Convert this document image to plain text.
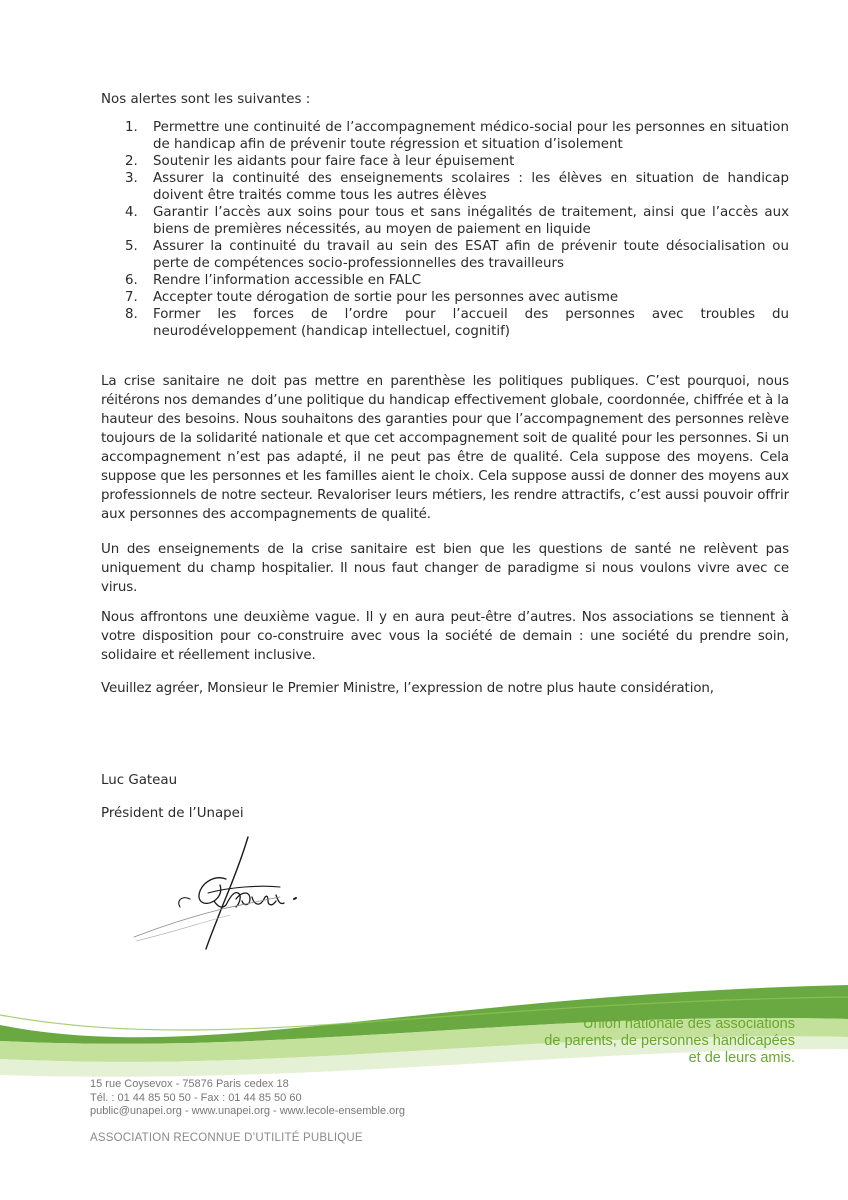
Nos alertes sont les suivantes :
1.	Permettre une continuité de l’accompagnement médico-social pour les personnes en situation de handicap afin de prévenir toute régression et situation d’isolement
2.	Soutenir les aidants pour faire face à leur épuisement
3.	Assurer la continuité des enseignements scolaires : les élèves en situation de handicap doivent être traités comme tous les autres élèves
4.	Garantir l’accès aux soins pour tous et sans inégalités de traitement, ainsi que l’accès aux biens de premières nécessités, au moyen de paiement en liquide
5.	Assurer la continuité du travail au sein des ESAT afin de prévenir toute désocialisation ou perte de compétences socio-professionnelles des travailleurs
6.	Rendre l’information accessible en FALC
7.	Accepter toute dérogation de sortie pour les personnes avec autisme
8.	Former les forces de l’ordre pour l’accueil des personnes avec troubles du neurodéveloppement (handicap intellectuel, cognitif)
La crise sanitaire ne doit pas mettre en parenthèse les politiques publiques. C’est pourquoi, nous réitérons nos demandes d’une politique du handicap effectivement globale, coordonnée, chiffrée et à la hauteur des besoins. Nous souhaitons des garanties pour que l’accompagnement des personnes relève toujours de la solidarité nationale et que cet accompagnement soit de qualité pour les personnes. Si un accompagnement n’est pas adapté, il ne peut pas être de qualité. Cela suppose des moyens. Cela suppose que les personnes et les familles aient le choix. Cela suppose aussi de donner des moyens aux professionnels de notre secteur. Revaloriser leurs métiers, les rendre attractifs, c’est aussi pouvoir offrir aux personnes des accompagnements de qualité.
Un des enseignements de la crise sanitaire est bien que les questions de santé ne relèvent pas uniquement du champ hospitalier. Il nous faut changer de paradigme si nous voulons vivre avec ce virus.
Nous affrontons une deuxième vague. Il y en aura peut-être d’autres. Nos associations se tiennent à votre disposition pour co-construire avec vous la société de demain : une société du prendre soin, solidaire et réellement inclusive.
Veuillez agréer, Monsieur le Premier Ministre, l’expression de notre plus haute considération,
Luc Gateau
Président de l’Unapei
Union nationale des associations
de parents, de personnes handicapées
et de leurs amis.
15 rue Coysevox - 75876 Paris cedex 18
Tél. : 01 44 85 50 50 - Fax : 01 44 85 50 60
public@unapei.org - www.unapei.org - www.lecole-ensemble.org
ASSOCIATION RECONNUE D’UTILITÉ PUBLIQUE
